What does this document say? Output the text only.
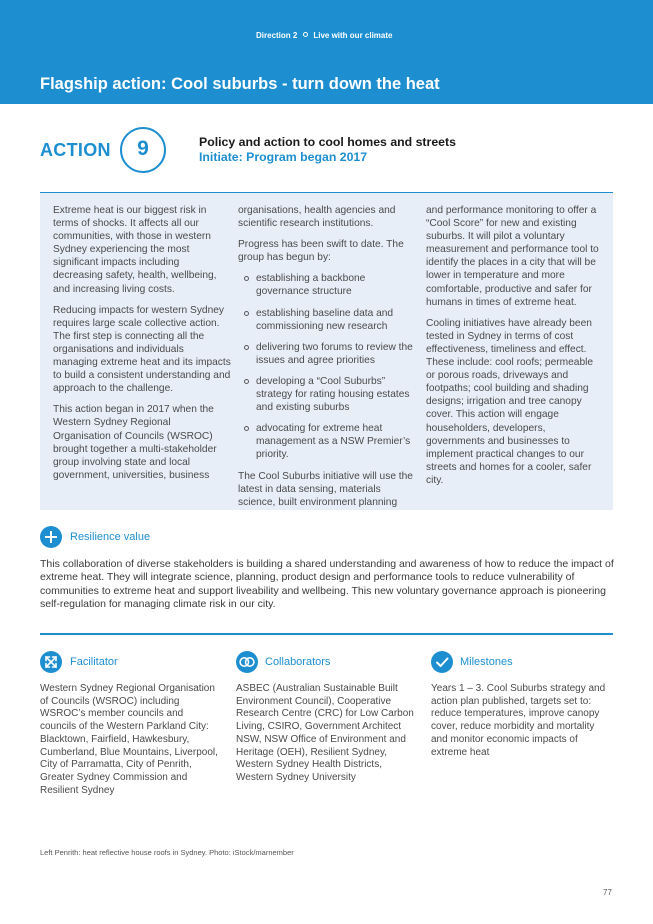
Direction 2 Live with our climate
Flagship action: Cool suburbs - turn down the heat
ACTION	9	Policy and action to cool homes and streets
Initiate: Program began 2017

Extreme heat is our biggest risk in terms of shocks. It affects all our communities, with those in western Sydney experiencing the most significant impacts including decreasing safety, health, wellbeing, and increasing living costs.

Reducing impacts for western Sydney requires large scale collective action. The first step is connecting all the organisations and individuals managing extreme heat and its impacts to build a consistent understanding and approach to the challenge.

This action began in 2017 when the Western Sydney Regional Organisation of Councils (WSROC) brought together a multi-stakeholder group involving state and local government, universities, business

organisations, health agencies and scientific research institutions.

Progress has been swift to date. The group has begun by:

establishing a backbone governance structure
establishing baseline data and commissioning new research
delivering two forums to review the issues and agree priorities
developing a “Cool Suburbs” strategy for rating housing estates and existing suburbs
advocating for extreme heat management as a NSW Premier’s priority.

The Cool Suburbs initiative will use the latest in data sensing, materials science, built environment planning

and performance monitoring to offer a “Cool Score” for new and existing suburbs. It will pilot a voluntary measurement and performance tool to identify the places in a city that will be lower in temperature and more comfortable, productive and safer for humans in times of extreme heat.

Cooling initiatives have already been tested in Sydney in terms of cost effectiveness, timeliness and effect. These include: cool roofs; permeable or porous roads, driveways and footpaths; cool building and shading designs; irrigation and tree canopy cover. This action will engage householders, developers, governments and businesses to implement practical changes to our streets and homes for a cooler, safer city.

Resilience value
This collaboration of diverse stakeholders is building a shared understanding and awareness of how to reduce the impact of extreme heat. They will integrate science, planning, product design and performance tools to reduce vulnerability of communities to extreme heat and support liveability and wellbeing. This new voluntary governance approach is pioneering self-regulation for managing climate risk in our city.
Facilitator
Western Sydney Regional Organisation of Councils (WSROC) including WSROC’s member councils and councils of the Western Parkland City: Blacktown, Fairfield, Hawkesbury, Cumberland, Blue Mountains, Liverpool, City of Parramatta, City of Penrith, Greater Sydney Commission and Resilient Sydney
Collaborators
ASBEC (Australian Sustainable Built Environment Council), Cooperative Research Centre (CRC) for Low Carbon Living, CSIRO, Government Architect NSW, NSW Office of Environment and Heritage (OEH), Resilient Sydney, Western Sydney Health Districts, Western Sydney University
Milestones
Years 1 – 3. Cool Suburbs strategy and action plan published, targets set to: reduce temperatures, improve canopy cover, reduce morbidity and mortality and monitor economic impacts of extreme heat
Left Penrith: heat reflective house roofs in Sydney. Photo: iStock/marnember
77
